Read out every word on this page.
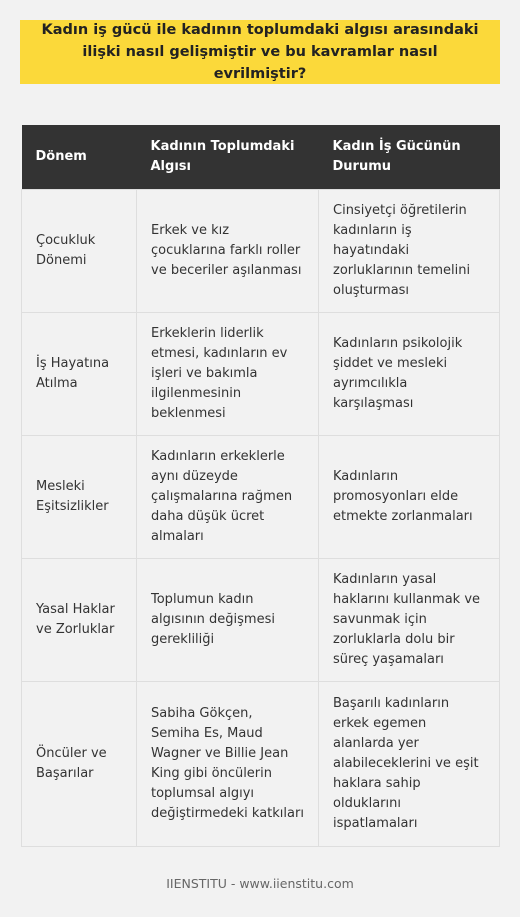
Kadın iş gücü ile kadının toplumdaki algısı arasındaki ilişki nasıl gelişmiştir ve bu kavramlar nasıl evrilmiştir?
Dönem	Kadının Toplumdaki Algısı	Kadın İş Gücünün Durumu
Çocukluk Dönemi	Erkek ve kız çocuklarına farklı roller ve beceriler aşılanması	Cinsiyetçi öğretilerin kadınların iş hayatındaki zorluklarının temelini oluşturması
İş Hayatına Atılma	Erkeklerin liderlik etmesi, kadınların ev işleri ve bakımla ilgilenmesinin beklenmesi	Kadınların psikolojik şiddet ve mesleki ayrımcılıkla karşılaşması
Mesleki Eşitsizlikler	Kadınların erkeklerle aynı düzeyde çalışmalarına rağmen daha düşük ücret almaları	Kadınların promosyonları elde etmekte zorlanmaları
Yasal Haklar ve Zorluklar	Toplumun kadın algısının değişmesi gerekliliği	Kadınların yasal haklarını kullanmak ve savunmak için zorluklarla dolu bir süreç yaşamaları
Öncüler ve Başarılar	Sabiha Gökçen, Semiha Es, Maud Wagner ve Billie Jean King gibi öncülerin toplumsal algıyı değiştirmedeki katkıları	Başarılı kadınların erkek egemen alanlarda yer alabileceklerini ve eşit haklara sahip olduklarını ispatlamaları
IIENSTITU - www.iienstitu.com
